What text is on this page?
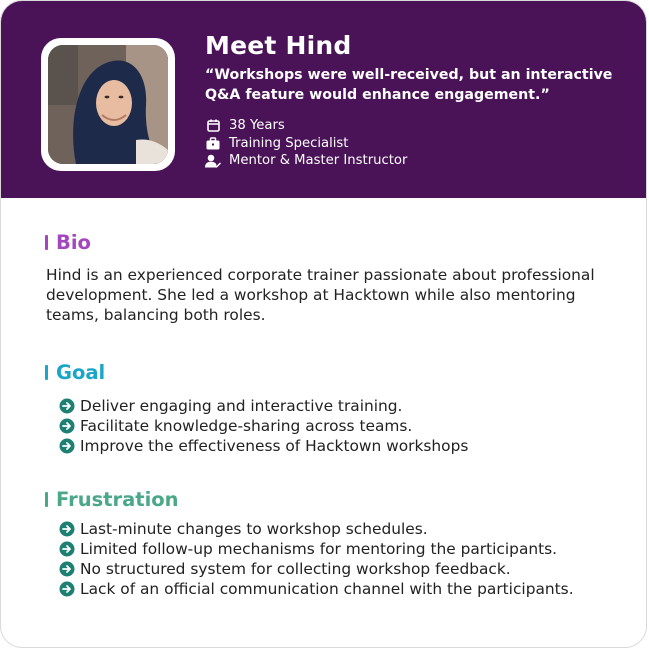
Meet Hind
“Workshops were well-received, but an interactive Q&A feature would enhance engagement.”
38 Years
Training Specialist
Mentor & Master Instructor
Bio
Hind is an experienced corporate trainer passionate about professional development. She led a workshop at Hacktown while also mentoring teams, balancing both roles.
Goal
Deliver engaging and interactive training.
Facilitate knowledge-sharing across teams.
Improve the effectiveness of Hacktown workshops
Frustration
Last-minute changes to workshop schedules.
Limited follow-up mechanisms for mentoring the participants.
No structured system for collecting workshop feedback.
Lack of an official communication channel with the participants.
